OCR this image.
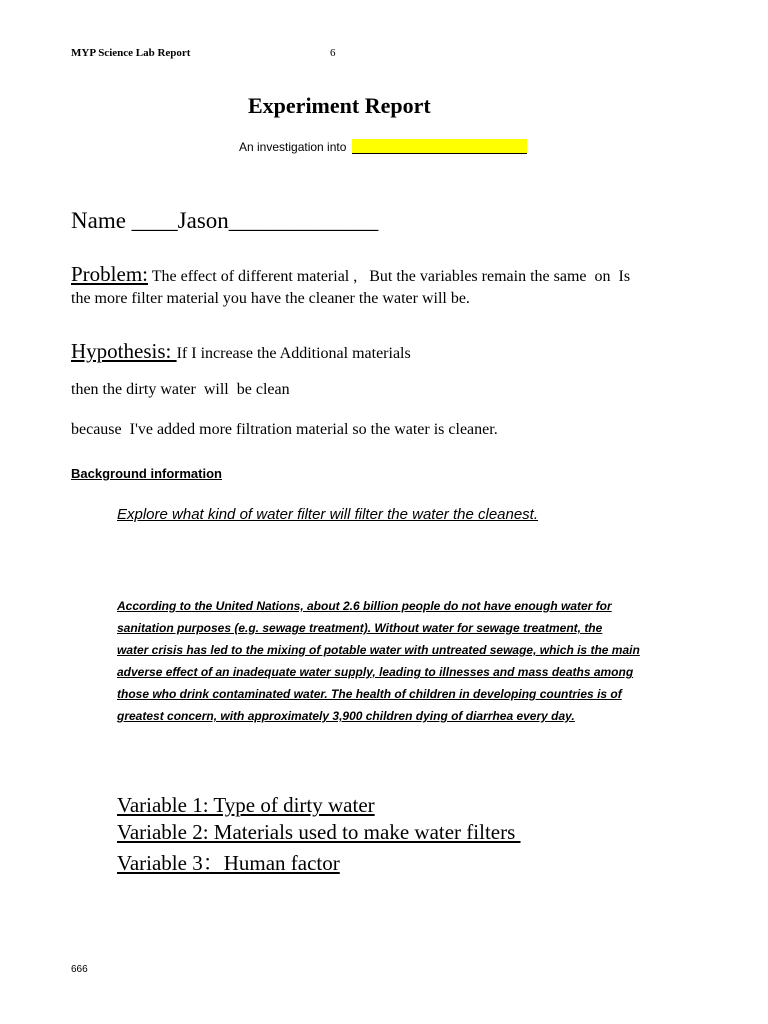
MYP Science Lab Report	6
Experiment Report
An investigation into
Name ____Jason_____________
Problem: The effect of different material ,   But the variables remain the same  on  Is
the more filter material you have the cleaner the water will be.
Hypothesis: If I increase the Additional materials
then the dirty water  will  be clean
because  I've added more filtration material so the water is cleaner.
Background information
Explore what kind of water filter will filter the water the cleanest.
According to the United Nations, about 2.6 billion people do not have enough water for
sanitation purposes (e.g. sewage treatment). Without water for sewage treatment, the
water crisis has led to the mixing of potable water with untreated sewage, which is the main
adverse effect of an inadequate water supply, leading to illnesses and mass deaths among
those who drink contaminated water. The health of children in developing countries is of
greatest concern, with approximately 3,900 children dying of diarrhea every day.
Variable 1: Type of dirty water
Variable 2: Materials used to make water filters
Variable 3：Human factor
666
